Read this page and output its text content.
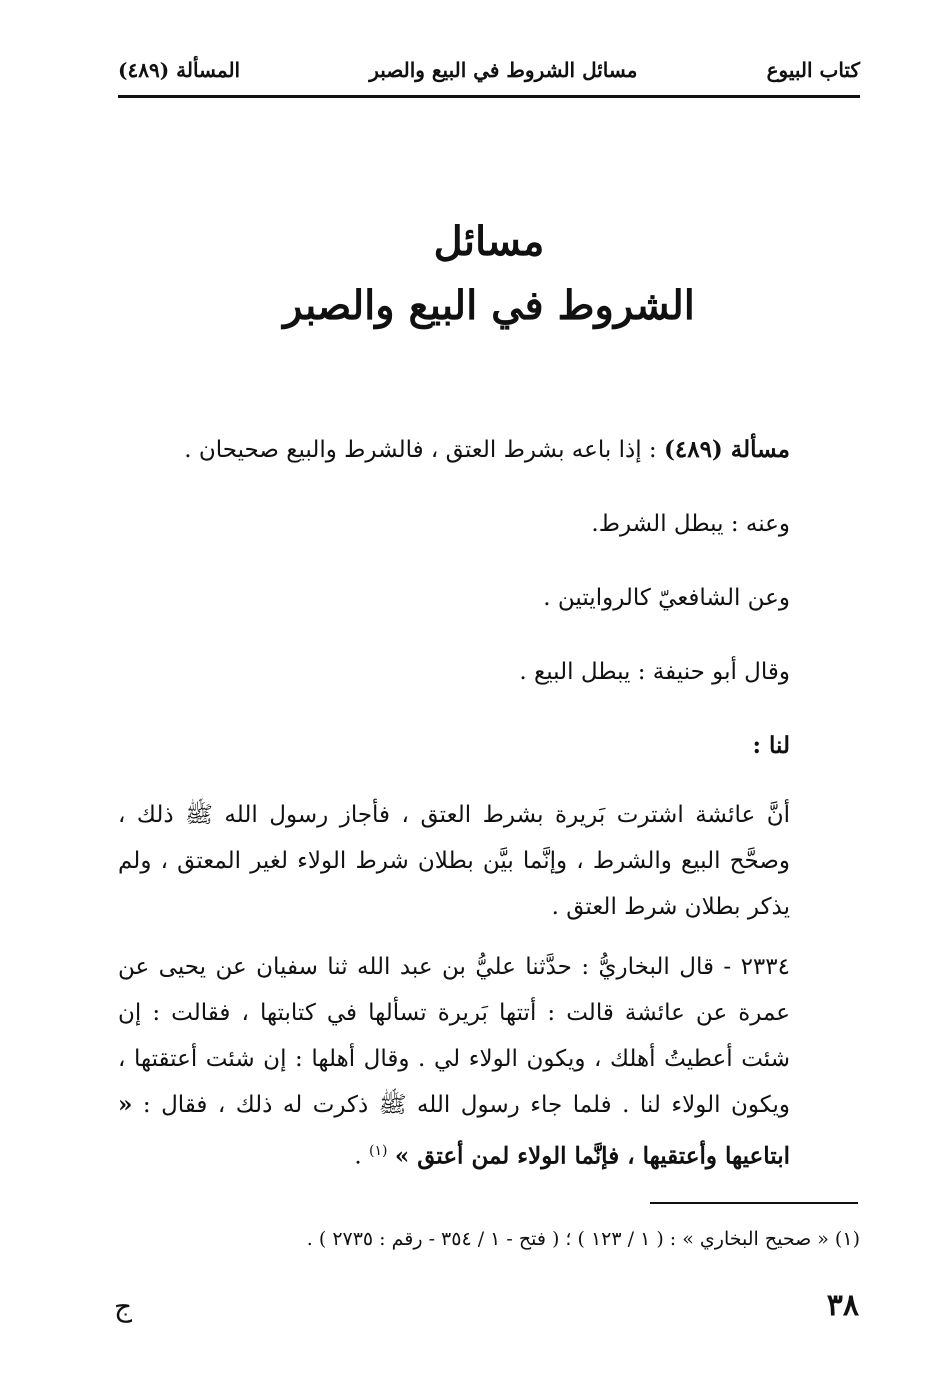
كتاب البيوع
مسائل الشروط في البيع والصبر
المسألة (٤٨٩)
مسائل
الشروط في البيع والصبر

مسألة (٤٨٩) : إذا باعه بشرط العتق ، فالشرط والبيع صحيحان .

وعنه : يبطل الشرط.

وعن الشافعيّ كالروايتين .

وقال أبو حنيفة : يبطل البيع .

لنا :

أنَّ عائشة اشترت بَريرة بشرط العتق ، فأجاز رسول الله ﷺ ذلك ، وصحَّح البيع والشرط ، وإنَّما بيَّن بطلان شرط الولاء لغير المعتق ، ولم يذكر بطلان شرط العتق .

٢٣٣٤ - قال البخاريُّ : حدَّثنا عليُّ بن عبد الله ثنا سفيان عن يحيى عن عمرة عن عائشة قالت : أتتها بَريرة تسألها في كتابتها ، فقالت : إن شئت أعطيتُ أهلك ، ويكون الولاء لي . وقال أهلها : إن شئت أعتقتها ، ويكون الولاء لنا . فلما جاء رسول الله ﷺ ذكرت له ذلك ، فقال : « ابتاعيها وأعتقيها ، فإنَّما الولاء لمن أعتق » $^{(١)}$ .

(١) « صحيح البخاري » : ( ١ / ١٢٣ ) ؛ ( فتح - ١ / ٣٥٤ - رقم : ٢٧٣٥ ) .
٣٨
ج
